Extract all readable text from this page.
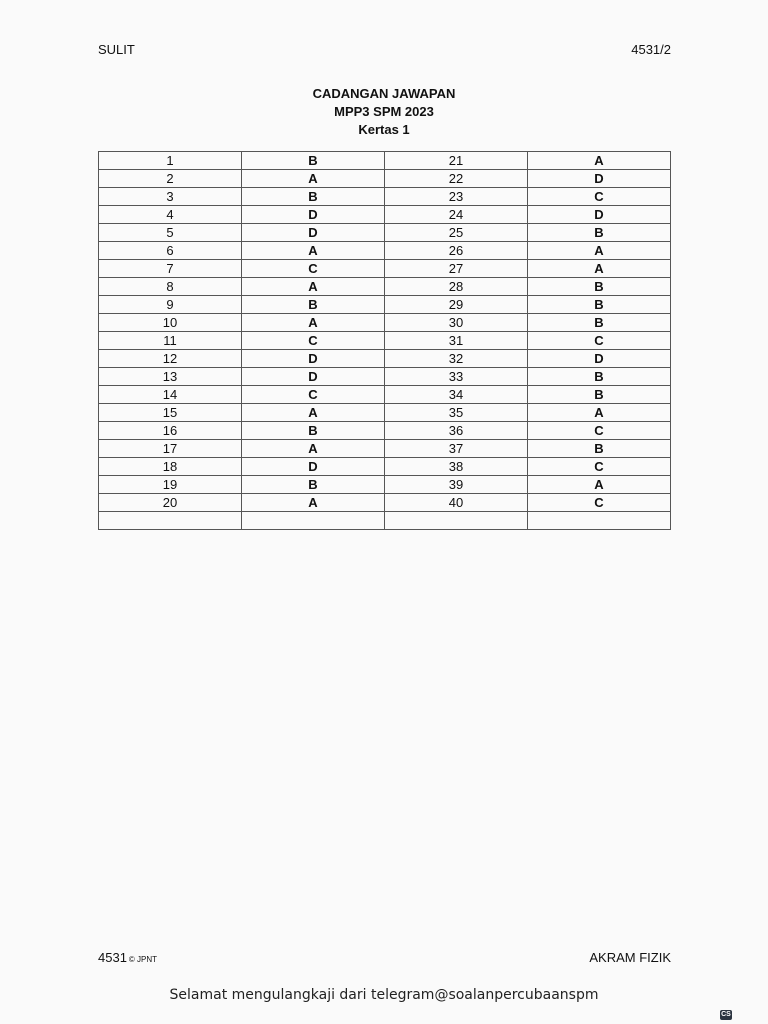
SULIT	4531/2
CADANGAN JAWAPAN
MPP3 SPM 2023
Kertas 1
1	B	21	A
2	A	22	D
3	B	23	C
4	D	24	D
5	D	25	B
6	A	26	A
7	C	27	A
8	A	28	B
9	B	29	B
10	A	30	B
11	C	31	C
12	D	32	D
13	D	33	B
14	C	34	B
15	A	35	A
16	B	36	C
17	A	37	B
18	D	38	C
19	B	39	A
20	A	40	C

4531 © JPNT	AKRAM FIZIK
Selamat mengulangkaji dari telegram@soalanpercubaanspm
CS
